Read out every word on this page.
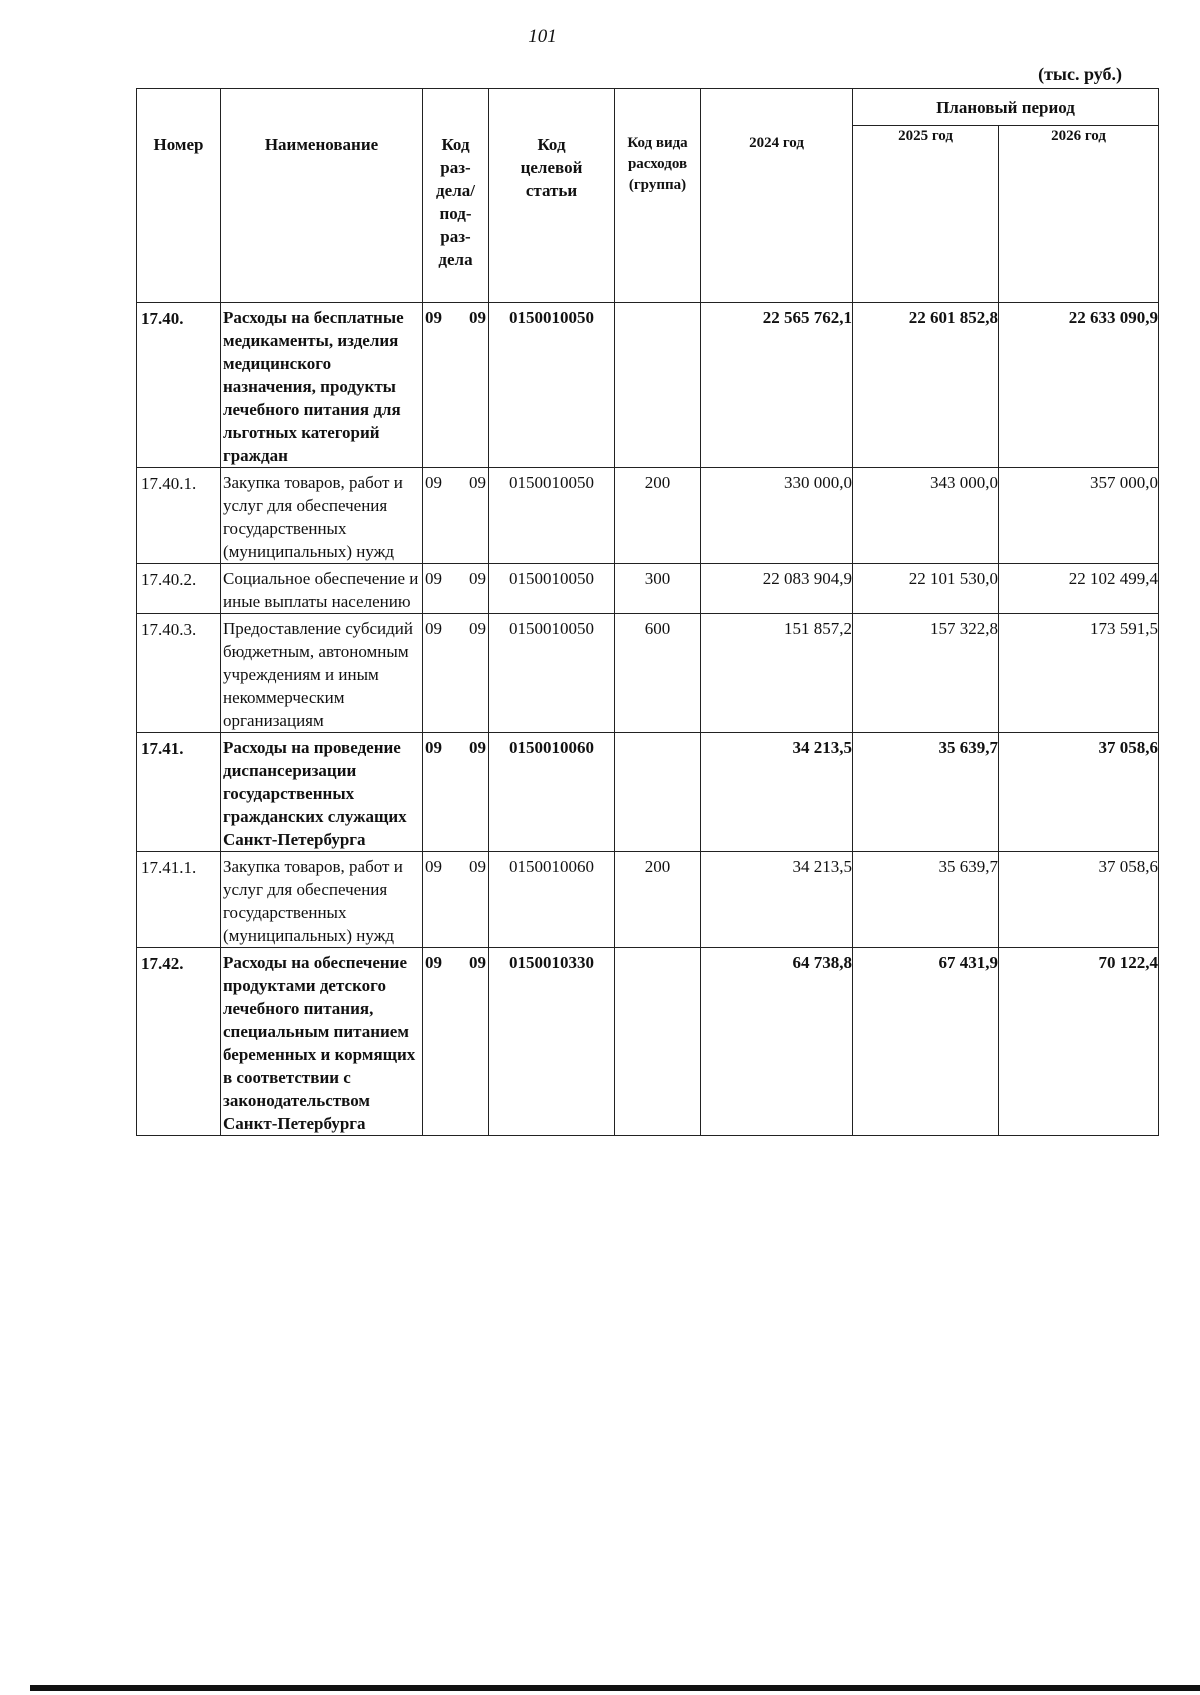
101
(тыс. руб.)
Номер	Наименование	Код раз-дела/ под-раз-дела	Код целевой статьи	Код вида расходов (группа)	2024 год	Плановый период	
						2025 год	2026 год
17.40.	Расходы на бесплатные медикаменты, изделия медицинского назначения, продукты лечебного питания для льготных категорий граждан	09 09	0150010050		22 565 762,1	22 601 852,8	22 633 090,9
17.40.1.	Закупка товаров, работ и услуг для обеспечения государственных (муниципальных) нужд	09 09	0150010050	200	330 000,0	343 000,0	357 000,0
17.40.2.	Социальное обеспечение и иные выплаты населению	09 09	0150010050	300	22 083 904,9	22 101 530,0	22 102 499,4
17.40.3.	Предоставление субсидий бюджетным, автономным учреждениям и иным некоммерческим организациям	09 09	0150010050	600	151 857,2	157 322,8	173 591,5
17.41.	Расходы на проведение диспансеризации государственных гражданских служащих Санкт-Петербурга	09 09	0150010060		34 213,5	35 639,7	37 058,6
17.41.1.	Закупка товаров, работ и услуг для обеспечения государственных (муниципальных) нужд	09 09	0150010060	200	34 213,5	35 639,7	37 058,6
17.42.	Расходы на обеспечение продуктами детского лечебного питания, специальным питанием беременных и кормящих в соответствии с законодательством Санкт-Петербурга	09 09	0150010330		64 738,8	67 431,9	70 122,4
